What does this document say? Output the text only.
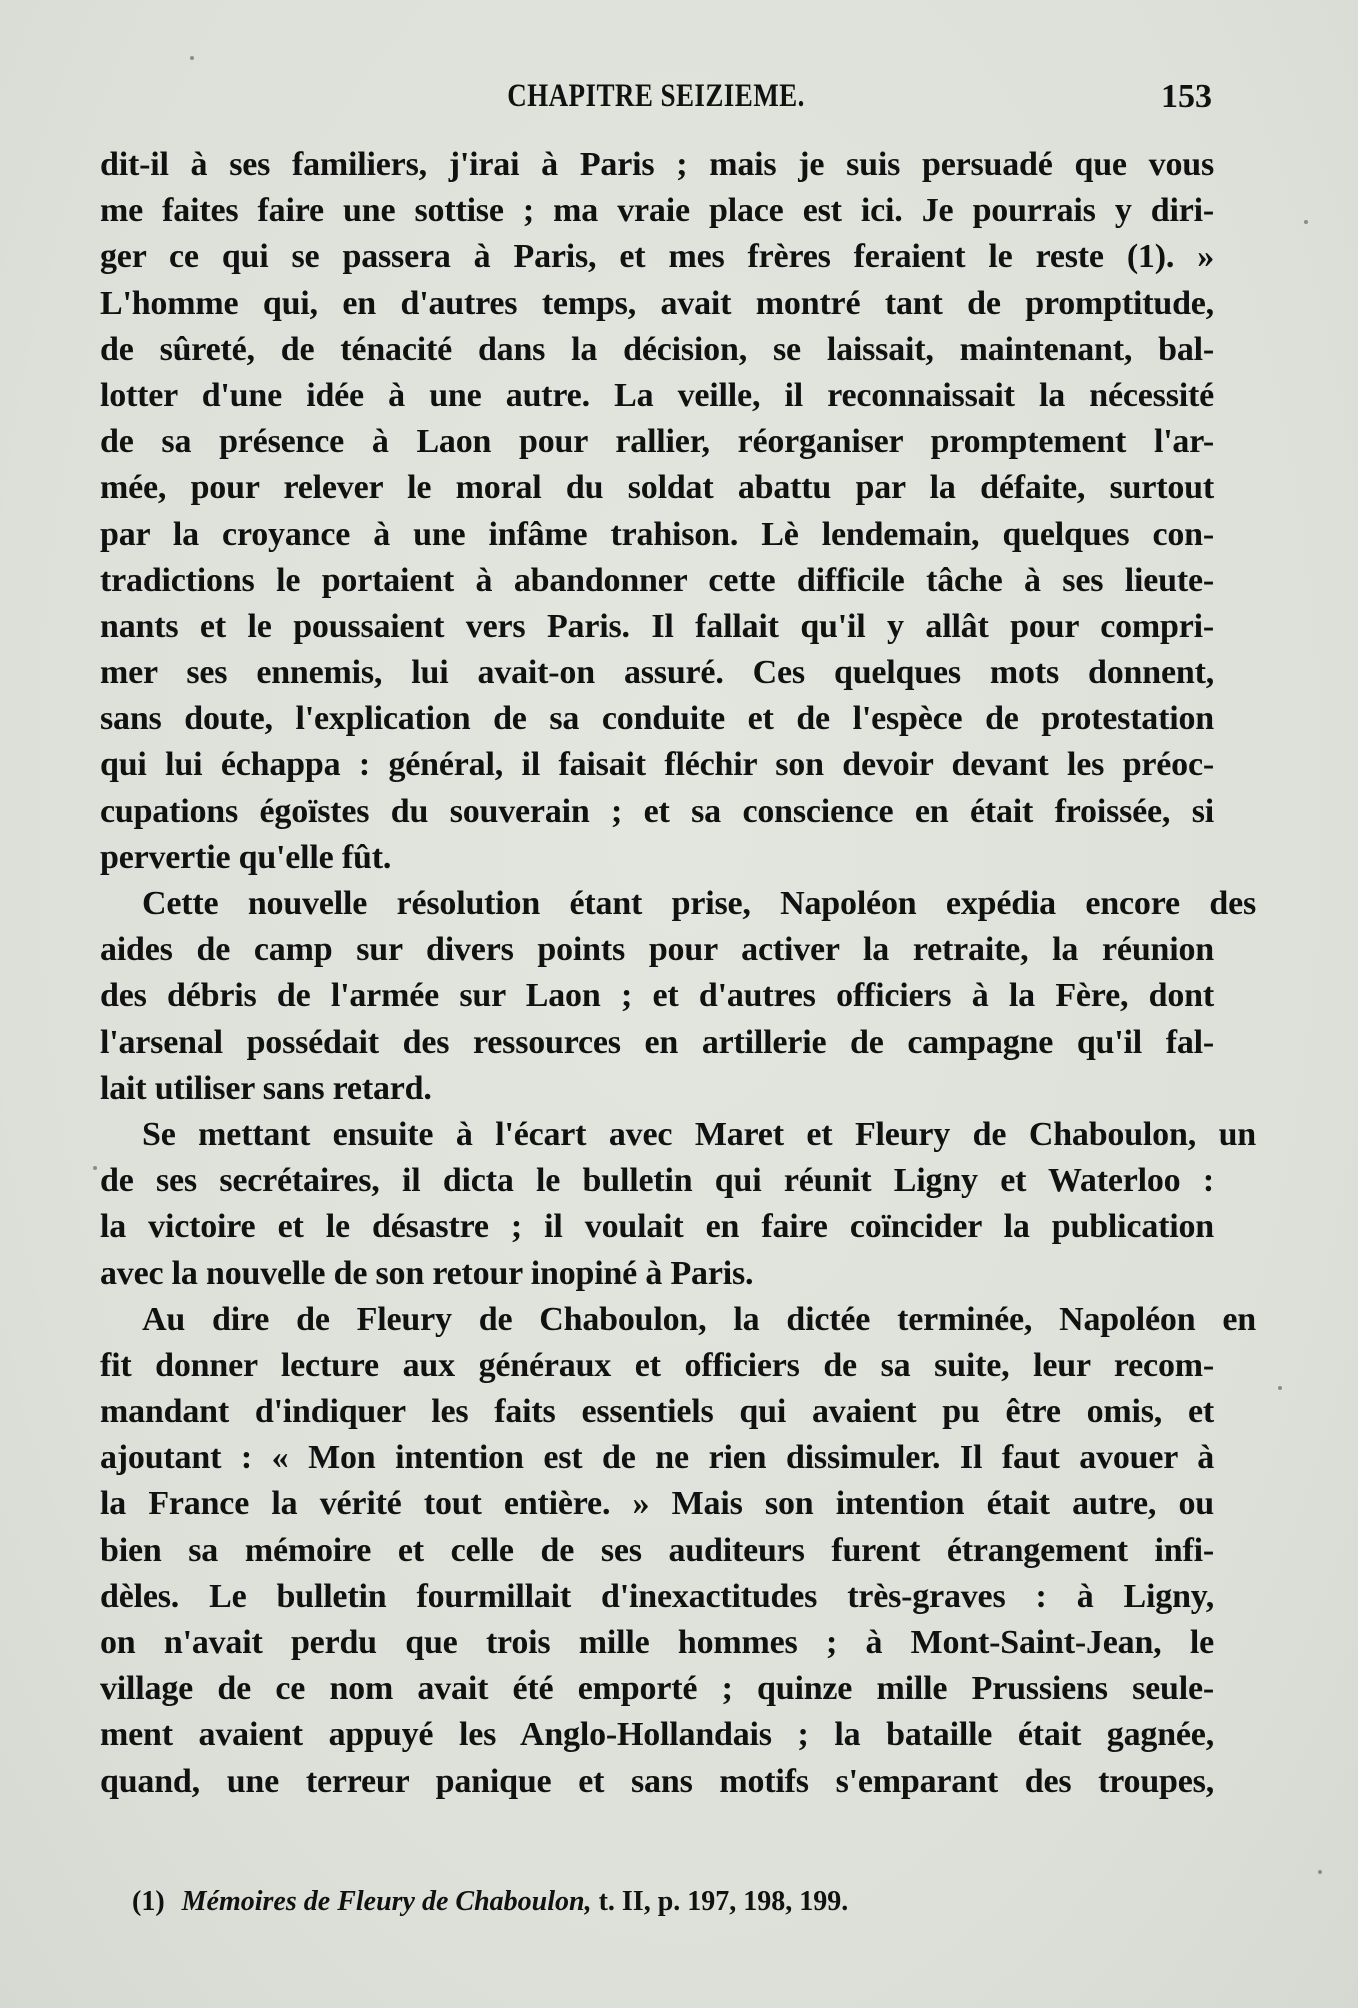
CHAPITRE SEIZIEME.	153
dit-il à ses familiers, j'irai à Paris ; mais je suis persuadé que vous
me faites faire une sottise ; ma vraie place est ici. Je pourrais y diri-
ger ce qui se passera à Paris, et mes frères feraient le reste (1). »
L'homme qui, en d'autres temps, avait montré tant de promptitude,
de sûreté, de ténacité dans la décision, se laissait, maintenant, bal-
lotter d'une idée à une autre. La veille, il reconnaissait la nécessité
de sa présence à Laon pour rallier, réorganiser promptement l'ar-
mée, pour relever le moral du soldat abattu par la défaite, surtout
par la croyance à une infâme trahison. Lè lendemain, quelques con-
tradictions le portaient à abandonner cette difficile tâche à ses lieute-
nants et le poussaient vers Paris. Il fallait qu'il y allât pour compri-
mer ses ennemis, lui avait-on assuré. Ces quelques mots donnent,
sans doute, l'explication de sa conduite et de l'espèce de protestation
qui lui échappa : général, il faisait fléchir son devoir devant les préoc-
cupations égoïstes du souverain ; et sa conscience en était froissée, si
pervertie qu'elle fût.
Cette nouvelle résolution étant prise, Napoléon expédia encore des
aides de camp sur divers points pour activer la retraite, la réunion
des débris de l'armée sur Laon ; et d'autres officiers à la Fère, dont
l'arsenal possédait des ressources en artillerie de campagne qu'il fal-
lait utiliser sans retard.
Se mettant ensuite à l'écart avec Maret et Fleury de Chaboulon, un
de ses secrétaires, il dicta le bulletin qui réunit Ligny et Waterloo :
la victoire et le désastre ; il voulait en faire coïncider la publication
avec la nouvelle de son retour inopiné à Paris.
Au dire de Fleury de Chaboulon, la dictée terminée, Napoléon en
fit donner lecture aux généraux et officiers de sa suite, leur recom-
mandant d'indiquer les faits essentiels qui avaient pu être omis, et
ajoutant : « Mon intention est de ne rien dissimuler. Il faut avouer à
la France la vérité tout entière. » Mais son intention était autre, ou
bien sa mémoire et celle de ses auditeurs furent étrangement infi-
dèles. Le bulletin fourmillait d'inexactitudes très-graves : à Ligny,
on n'avait perdu que trois mille hommes ; à Mont-Saint-Jean, le
village de ce nom avait été emporté ; quinze mille Prussiens seule-
ment avaient appuyé les Anglo-Hollandais ; la bataille était gagnée,
quand, une terreur panique et sans motifs s'emparant des troupes,
(1) Mémoires de Fleury de Chaboulon, t. II, p. 197, 198, 199.
